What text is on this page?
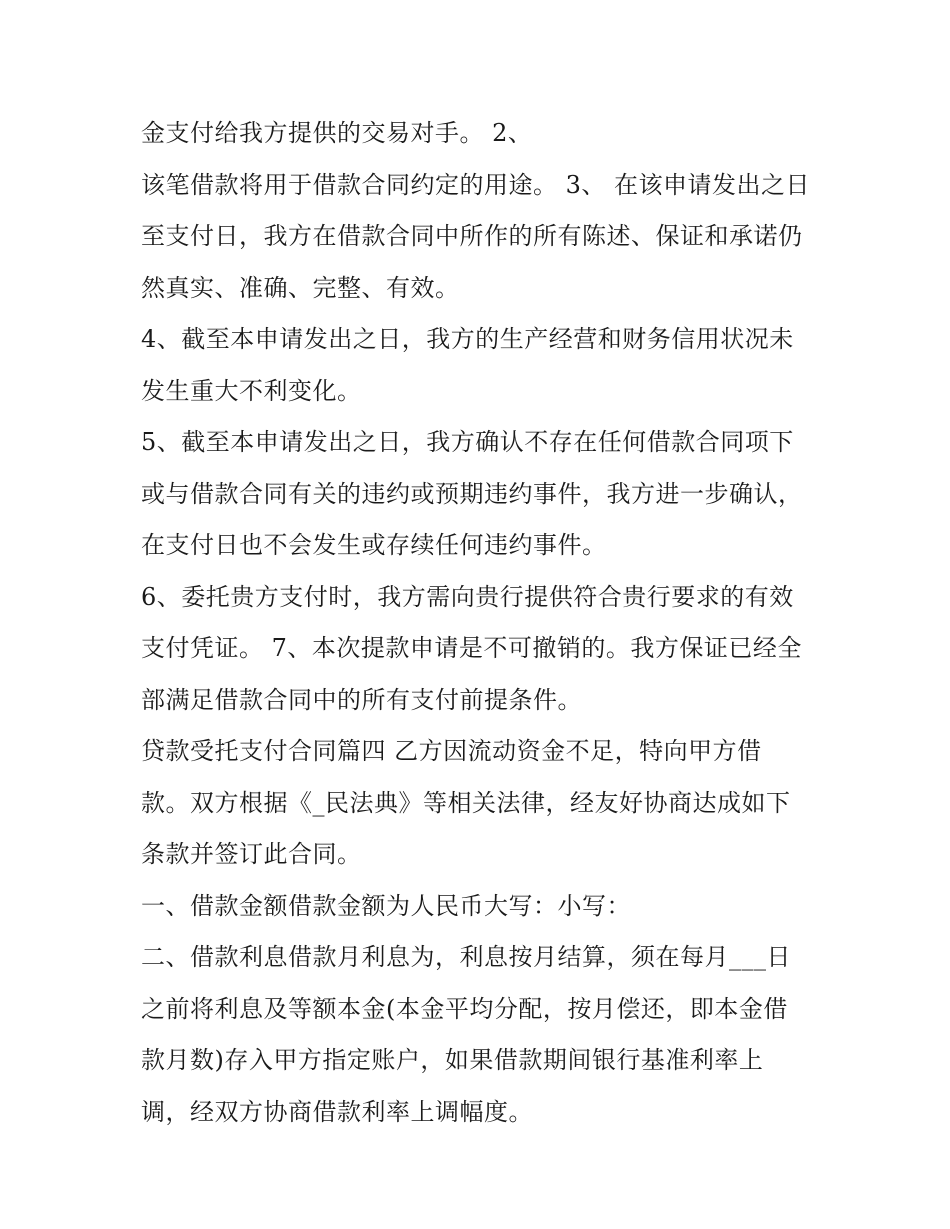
金支付给我方提供的交易对手。 2、
该笔借款将用于借款合同约定的用途。 3、 在该申请发出之日
至支付日，我方在借款合同中所作的所有陈述、保证和承诺仍
然真实、准确、完整、有效。
4、截至本申请发出之日，我方的生产经营和财务信用状况未
发生重大不利变化。
5、截至本申请发出之日，我方确认不存在任何借款合同项下
或与借款合同有关的违约或预期违约事件，我方进一步确认，
在支付日也不会发生或存续任何违约事件。
6、委托贵方支付时，我方需向贵行提供符合贵行要求的有效
支付凭证。 7、本次提款申请是不可撤销的。我方保证已经全
部满足借款合同中的所有支付前提条件。
贷款受托支付合同篇四 乙方因流动资金不足，特向甲方借
款。双方根据《_民法典》等相关法律，经友好协商达成如下
条款并签订此合同。
一、借款金额借款金额为人民币大写：小写：
二、借款利息借款月利息为，利息按月结算，须在每月___日
之前将利息及等额本金(本金平均分配，按月偿还，即本金借
款月数)存入甲方指定账户，如果借款期间银行基准利率上
调，经双方协商借款利率上调幅度。
